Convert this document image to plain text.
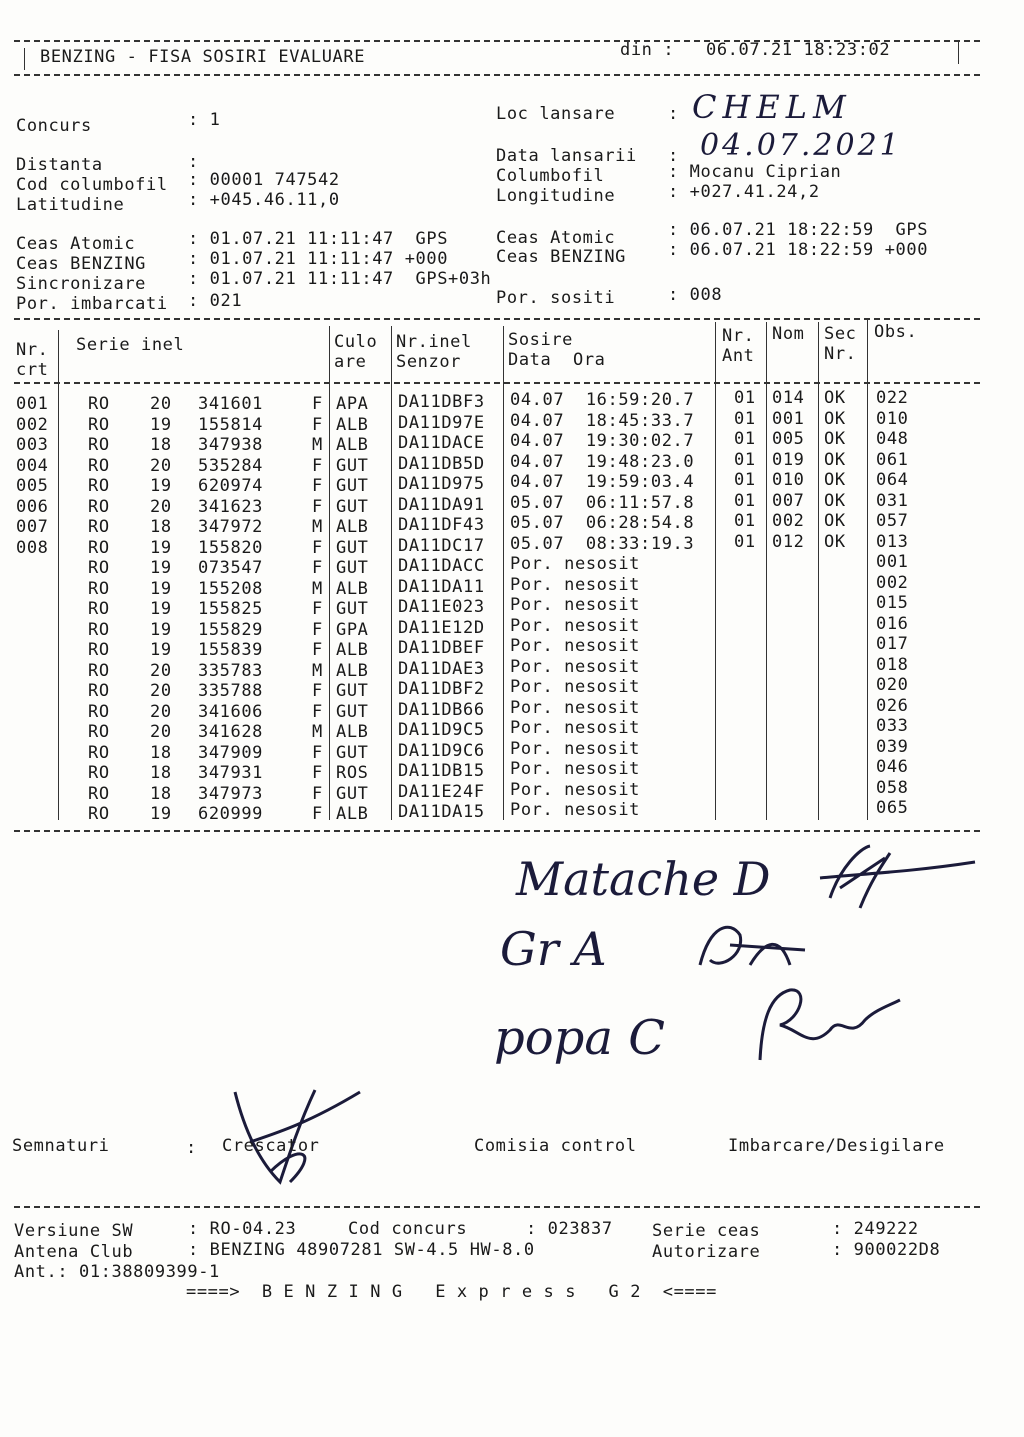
BENZING - FISA SOSIRI EVALUARE	din : 06.07.21 18:23:02
Concurs	: 1
Distanta	:
Cod columbofil : 00001 747542
Latitudine	: +045.46.11,0
Loc lansare	: CHELM
Data lansarii : 04.07.2021
Columbofil	: Mocanu Ciprian
Longitudine	: +027.41.24,2
Ceas Atomic	: 01.07.21 11:11:47  GPS
Ceas BENZING : 01.07.21 11:11:47 +000
Sincronizare : 01.07.21 11:11:47  GPS+03h
Por. imbarcati : 021
Ceas Atomic	: 06.07.21 18:22:59  GPS
Ceas BENZING : 06.07.21 18:22:59 +000
Por. sositi	: 008
Nr.
crt
Serie inel	Culo
are
Nr.inel
Senzor
Sosire
Data  Ora
Nr.
Ant
Nom Sec
Nr.
Obs.
001 RO 20 341601	F APA DA11DBF3 04.07  16:59:20.7 01 014 OK 022
002 RO 19 155814	F ALB DA11D97E 04.07  18:45:33.7 01 001 OK 010
003 RO 18 347938	M ALB DA11DACE 04.07  19:30:02.7 01 005 OK 048
004 RO 20 535284	F GUT DA11DB5D 04.07  19:48:23.0 01 019 OK 061
005 RO 19 620974	F GUT DA11D975 04.07  19:59:03.4 01 010 OK 064
006 RO 20 341623	F GUT DA11DA91 05.07  06:11:57.8 01 007 OK 031
007 RO 18 347972	M ALB DA11DF43 05.07  06:28:54.8 01 002 OK 057
008 RO 19 155820	F GUT DA11DC17 05.07  08:33:19.3 01 012 OK 013
RO 19 073547	F GUT DA11DACC Por. nesosit	001
RO 19 155208	M ALB DA11DA11 Por. nesosit	002
RO 19 155825	F GUT DA11E023 Por. nesosit	015
RO 19 155829	F GPA DA11E12D Por. nesosit	016
RO 19 155839	F ALB DA11DBEF Por. nesosit	017
RO 20 335783	M ALB DA11DAE3 Por. nesosit	018
RO 20 335788	F GUT DA11DBF2 Por. nesosit	020
RO 20 341606	F GUT DA11DB66 Por. nesosit	026
RO 20 341628	M ALB DA11D9C5 Por. nesosit	033
RO 18 347909	F GUT DA11D9C6 Por. nesosit	039
RO 18 347931	F ROS DA11DB15 Por. nesosit	046
RO 18 347973	F GUT DA11E24F Por. nesosit	058
RO 19 620999	F ALB DA11DA15 Por. nesosit	065
Matache D
Gr A
popa C
Semnaturi	: Crescator	Comisia control	Imbarcare/Desigilare
Versiune SW	: RO-04.23	Cod concurs	: 023837 Serie ceas	: 249222
Antena Club	: BENZING 48907281 SW-4.5 HW-8.0	Autorizare	: 900022D8
Ant.: 01:38809399-1
====>  B E N Z I N G   E x p r e s s   G 2  <====
